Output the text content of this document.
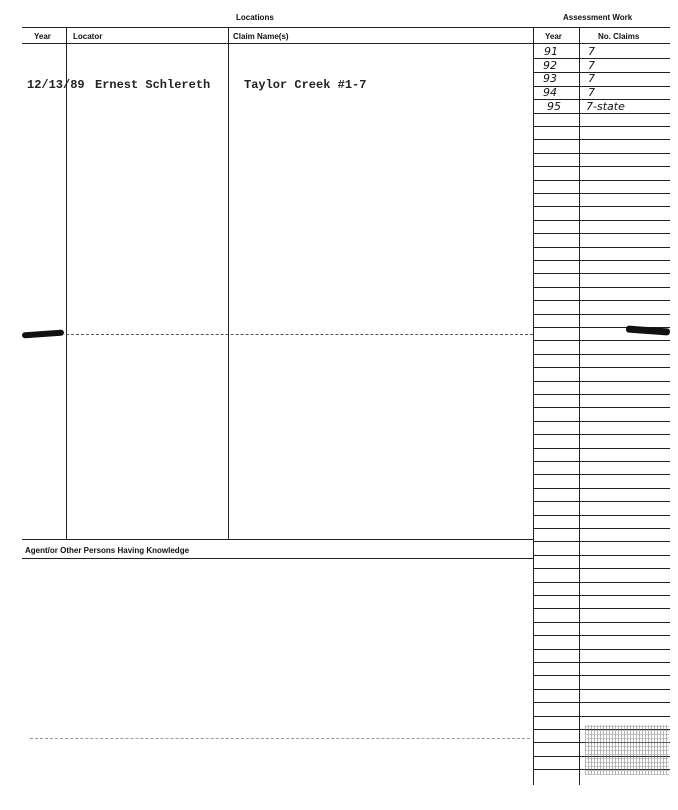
Locations	Assessment Work
Year	Locator	Claim Name(s)	Year	No. Claims
12/13/89 Ernest Schlereth	Taylor Creek #1-7
91	7
92	7
93	7
94	7
95 7-state
Agent/or Other Persons Having Knowledge
